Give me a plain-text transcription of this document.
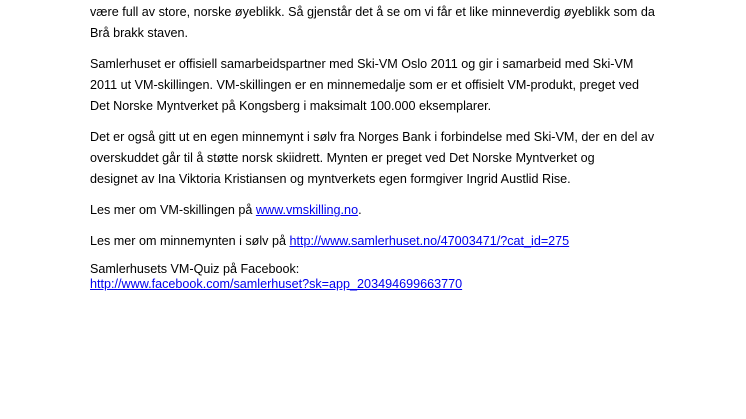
være full av store, norske øyeblikk. Så gjenstår det å se om vi får et like minneverdig øyeblikk som da
Brå brakk staven.

Samlerhuset er offisiell samarbeidspartner med Ski-VM Oslo 2011 og gir i samarbeid med Ski-VM
2011 ut VM-skillingen. VM-skillingen er en minnemedalje som er et offisielt VM-produkt, preget ved
Det Norske Myntverket på Kongsberg i maksimalt 100.000 eksemplarer.

Det er også gitt ut en egen minnemynt i sølv fra Norges Bank i forbindelse med Ski-VM, der en del av
overskuddet går til å støtte norsk skiidrett. Mynten er preget ved Det Norske Myntverket og
designet av Ina Viktoria Kristiansen og myntverkets egen formgiver Ingrid Austlid Rise.

Les mer om VM-skillingen på www.vmskilling.no.

Les mer om minnemynten i sølv på http://www.samlerhuset.no/47003471/?cat_id=275

Samlerhusets VM-Quiz på Facebook:
http://www.facebook.com/samlerhuset?sk=app_203494699663770
